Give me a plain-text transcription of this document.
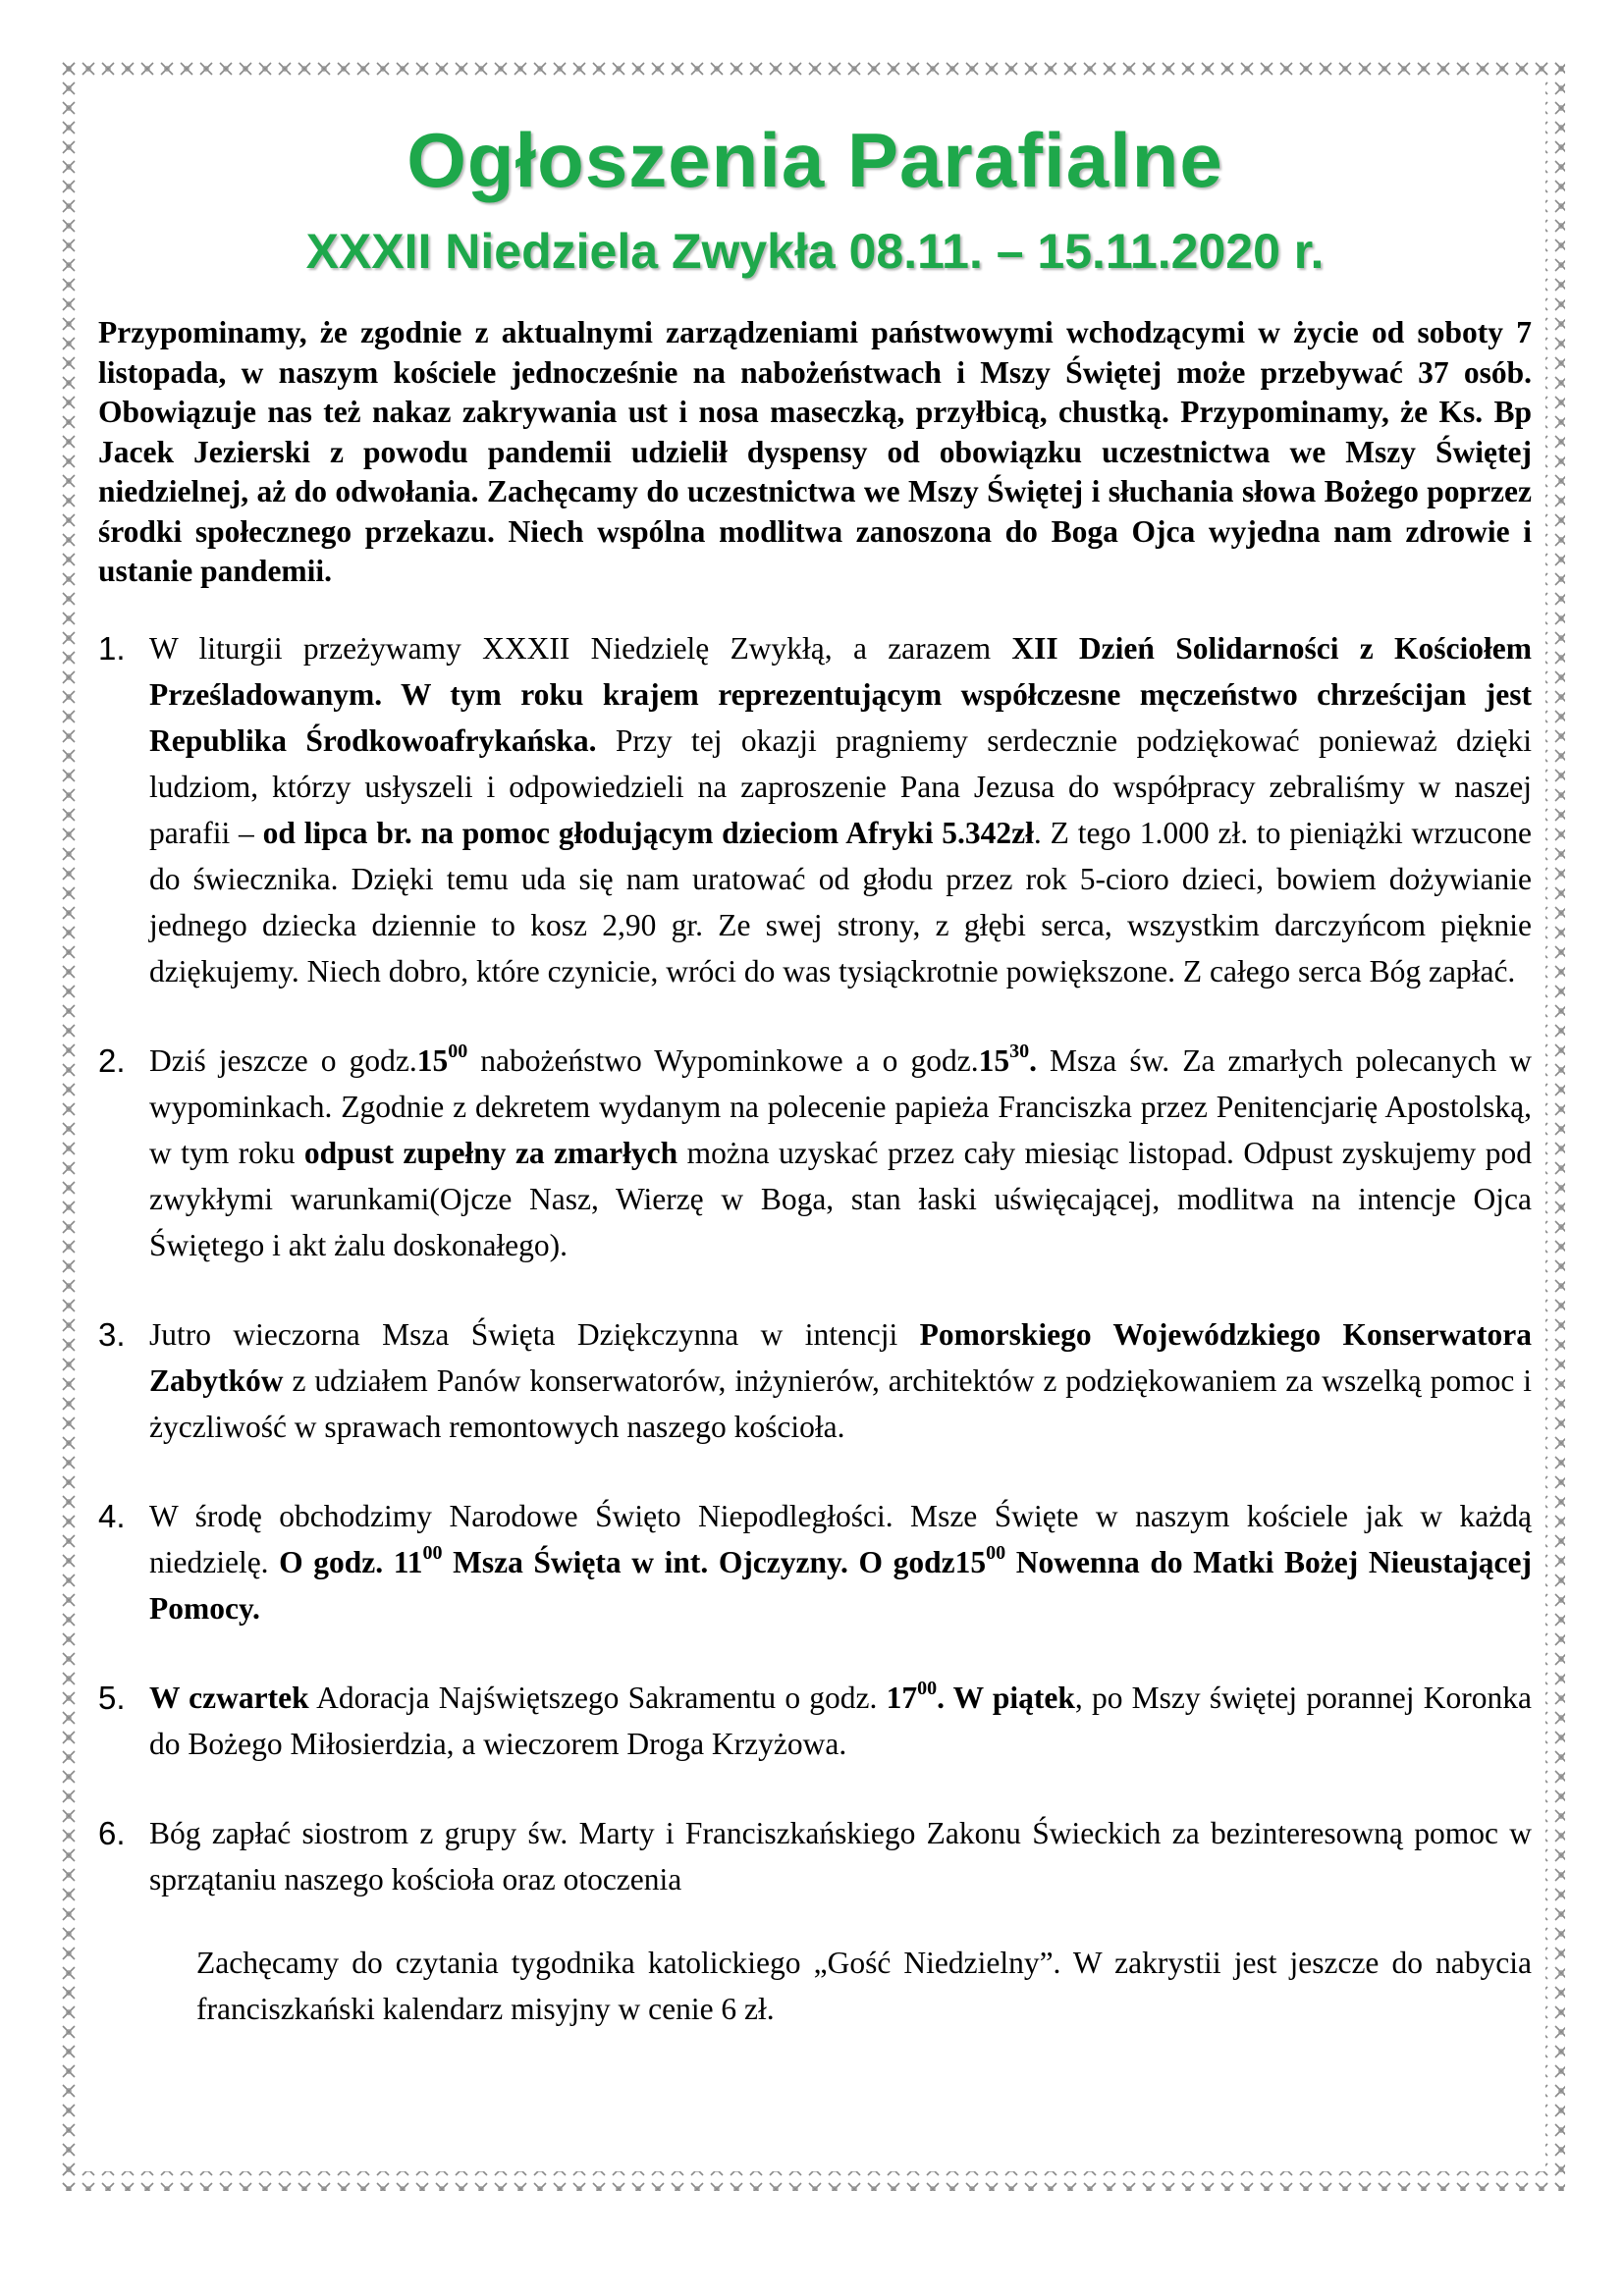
Ogłoszenia Parafialne
XXXII Niedziela Zwykła 08.11. – 15.11.2020 r.

Przypominamy, że zgodnie z aktualnymi zarządzeniami państwowymi wchodzącymi w życie od soboty 7 listopada, w naszym kościele jednocześnie na nabożeństwach i Mszy Świętej może przebywać 37 osób. Obowiązuje nas też nakaz zakrywania ust i nosa maseczką, przyłbicą, chustką. Przypominamy, że Ks. Bp Jacek Jezierski z powodu pandemii udzielił dyspensy od obowiązku uczestnictwa we Mszy Świętej niedzielnej, aż do odwołania. Zachęcamy do uczestnictwa we Mszy Świętej i słuchania słowa Bożego poprzez środki społecznego przekazu. Niech wspólna modlitwa zanoszona do Boga Ojca wyjedna nam zdrowie i ustanie pandemii.

1. W liturgii przeżywamy XXXII Niedzielę Zwykłą, a zarazem XII Dzień Solidarności z Kościołem Prześladowanym. W tym roku krajem reprezentującym współczesne męczeństwo chrześcijan jest Republika Środkowoafrykańska. Przy tej okazji pragniemy serdecznie podziękować ponieważ dzięki ludziom, którzy usłyszeli i odpowiedzieli na zaproszenie Pana Jezusa do współpracy zebraliśmy w naszej parafii – od lipca br. na pomoc głodującym dzieciom Afryki 5.342zł. Z tego 1.000 zł. to pieniążki wrzucone do świecznika. Dzięki temu uda się nam uratować od głodu przez rok 5-cioro dzieci, bowiem dożywianie jednego dziecka dziennie to kosz 2,90 gr. Ze swej strony, z głębi serca, wszystkim darczyńcom pięknie dziękujemy. Niech dobro, które czynicie, wróci do was tysiąckrotnie powiększone. Z całego serca Bóg zapłać.
2. Dziś jeszcze o $godz.15^{00}$ nabożeństwo Wypominkowe a o $godz.15^{30}$. Msza św. Za zmarłych polecanych w wypominkach. Zgodnie z dekretem wydanym na polecenie papieża Franciszka przez Penitencjarię Apostolską, w tym roku odpust zupełny za zmarłych można uzyskać przez cały miesiąc listopad. Odpust zyskujemy pod zwykłymi warunkami(Ojcze Nasz, Wierzę w Boga, stan łaski uświęcającej, modlitwa na intencje Ojca Świętego i akt żalu doskonałego).
3. Jutro wieczorna Msza Święta Dziękczynna w intencji Pomorskiego Wojewódzkiego Konserwatora Zabytków z udziałem Panów konserwatorów, inżynierów, architektów z podziękowaniem za wszelką pomoc i życzliwość w sprawach remontowych naszego kościoła.
4. W środę obchodzimy Narodowe Święto Niepodległości. Msze Święte w naszym kościele jak w każdą niedzielę. O godz. $11^{00}$ Msza Święta w int. Ojczyzny. O $godz15^{00}$ Nowenna do Matki Bożej Nieustającej Pomocy.
5. W czwartek Adoracja Najświętszego Sakramentu o godz. $17^{00}$. W piątek, po Mszy świętej porannej Koronka do Bożego Miłosierdzia, a wieczorem Droga Krzyżowa.
6. Bóg zapłać siostrom z grupy św. Marty i Franciszkańskiego Zakonu Świeckich za bezinteresowną pomoc w sprzątaniu naszego kościoła oraz otoczenia

Zachęcamy do czytania tygodnika katolickiego „Gość Niedzielny”. W zakrystii jest jeszcze do nabycia franciszkański kalendarz misyjny w cenie 6 zł.
